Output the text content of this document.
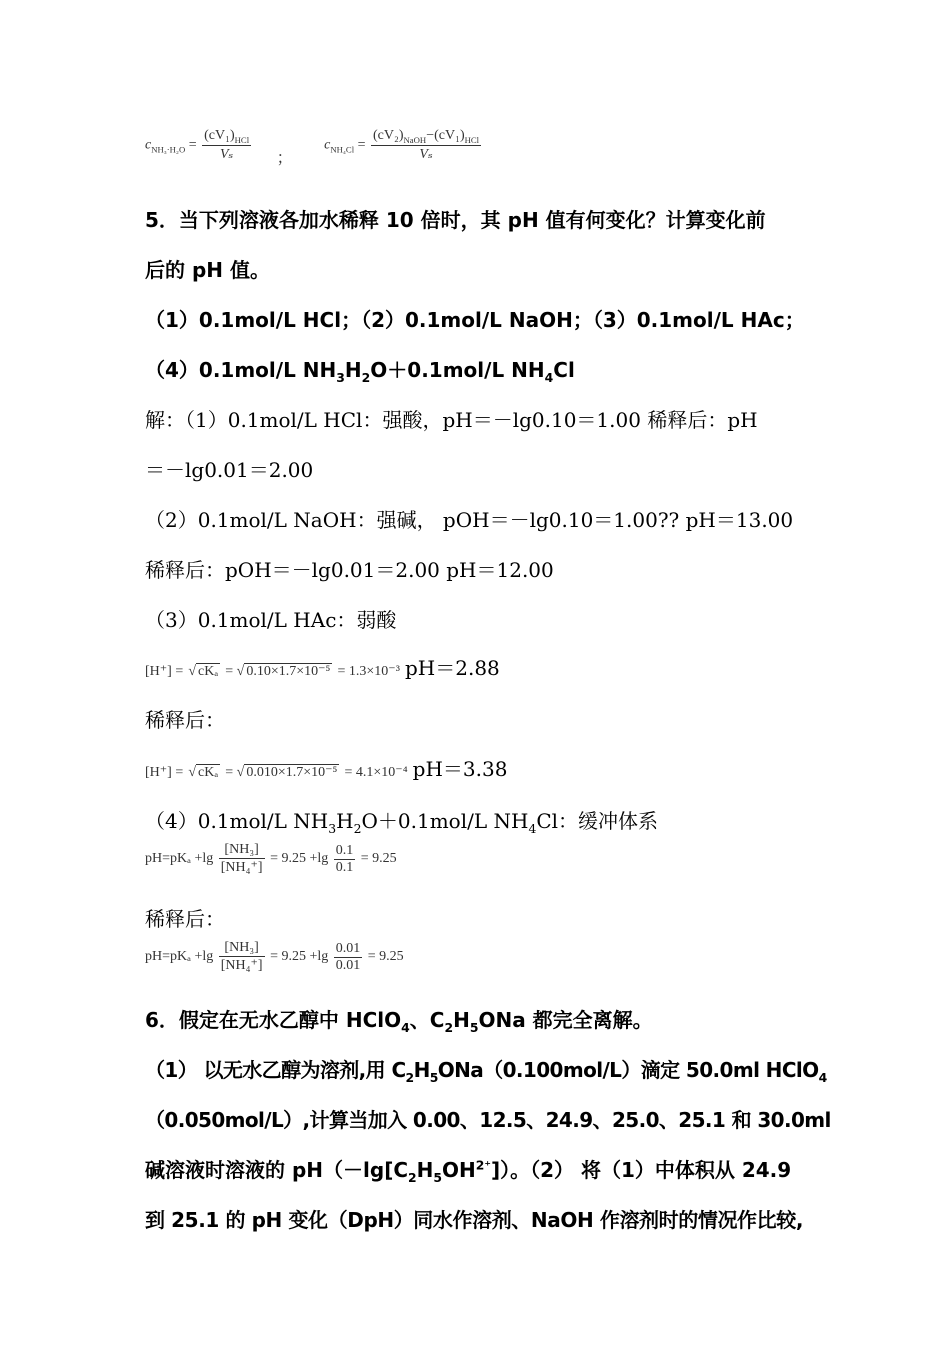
$c_{NH_3\cdot H_2O} = \frac{(cV_1)_{HCl}}{\text{Vₛ}}$ ； $c_{NH_4Cl} = \frac{(cV_2)_{NaOH}-(cV_1)_{HCl}}{\text{Vₛ}}$
5．当下列溶液各加水稀释 10 倍时，其 pH 值有何变化？计算变化前
后的 pH 值。
（1）0.1mol/L HCl；（2）0.1mol/L NaOH；（3）0.1mol/L HAc；
（4）0.1mol/L $NH_3H_2O+0.1mol/L$ $NH_4Cl$
解：（1）0.1mol/L HCl：强酸，pH＝－lg0.10＝1.00 稀释后：pH
＝－lg0.01＝2.00
（2）0.1mol/L NaOH：强碱， pOH＝－lg0.10＝1.00?? pH＝13.00
稀释后：pOH＝－lg0.01＝2.00 pH＝12.00
（3）0.1mol/L HAc：弱酸
[H⁺] = √ cKₐ = √ 0.10×1.7×10⁻⁵ = 1.3×10⁻³ pH＝2.88
稀释后：
[H⁺] = √ cKₐ = √ 0.010×1.7×10⁻⁵ = 4.1×10⁻⁴ pH＝3.38
（4）0.1mol/L $NH_3H_2O+0.1mol/L$ $NH_4Cl$：缓冲体系
$pH=pK_a +\lg \frac{\text{[NH₃]}}{\text{[NH₄⁺]}} = 9.25 +\lg \frac{0.1}{0.1} = 9.25$
稀释后：
$pH=pK_a +\lg \frac{\text{[NH₃]}}{\text{[NH₄⁺]}} = 9.25 +\lg \frac{0.01}{0.01} = 9.25$
6．假定在无水乙醇中 HClO$_4$、$C_2H_5ONa$ 都完全离解。
（1） 以无水乙醇为溶剂,用 $C_2H_5ONa(0.100mol/L)$滴定 50.0ml HClO$_4$
（0.050mol/L）,计算当加入 0.00、12.5、24.9、25.0、25.1 和 30.0ml
碱溶液时溶液的 $pH(-\lg[C_2H_5OH^{2^+}])$。（2） 将（1）中体积从 24.9
到 25.1 的 pH 变化（DpH）同水作溶剂、NaOH 作溶剂时的情况作比较,
